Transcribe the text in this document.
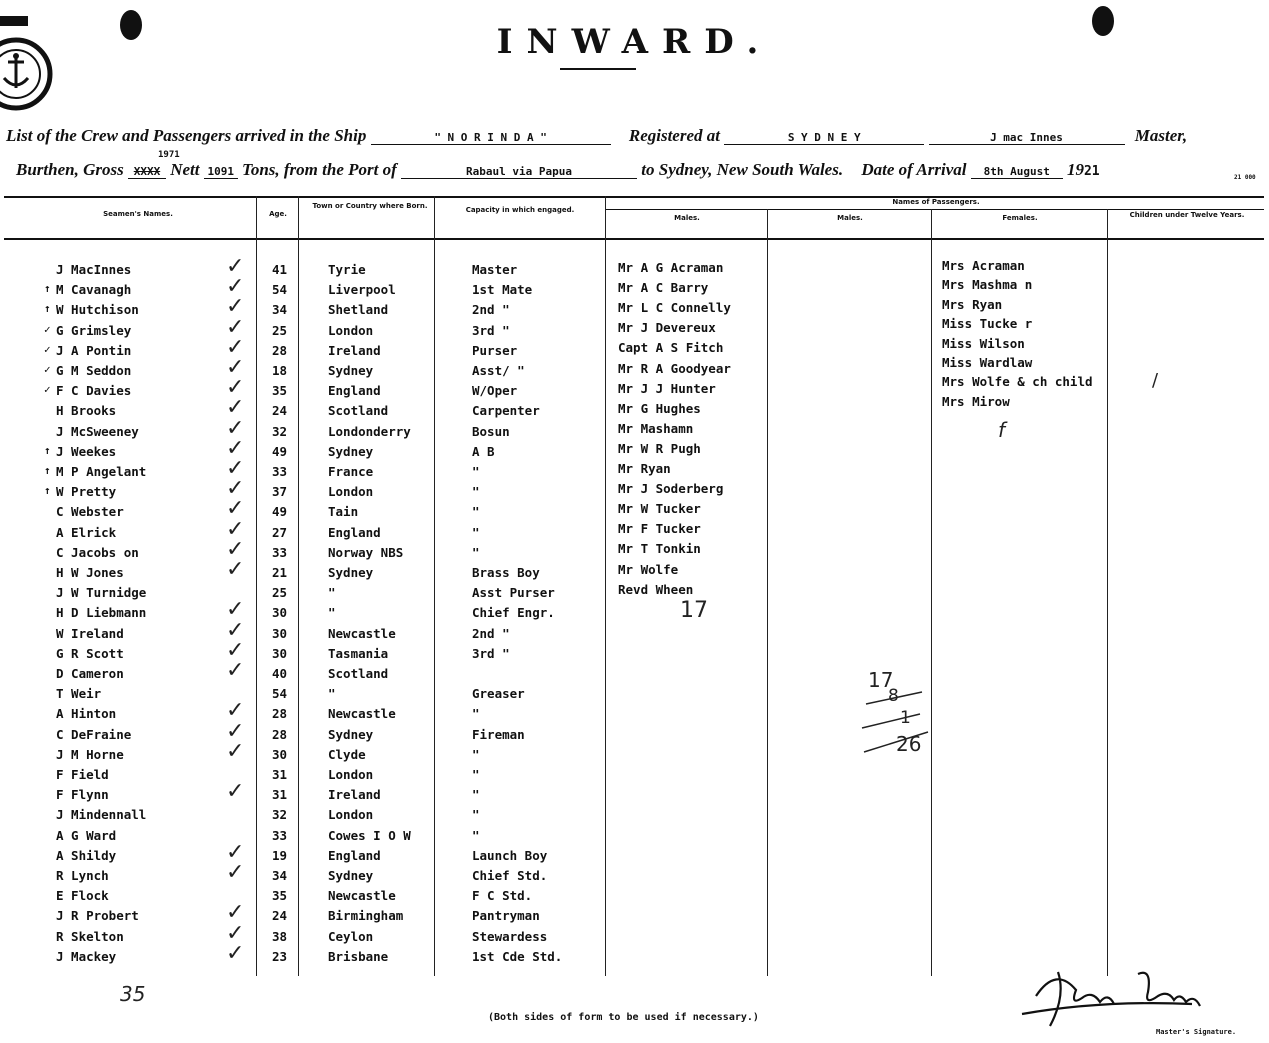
INWARD.
List of the Crew and Passengers arrived in the Ship	" N O R I N D A "	Registered at	S Y D N E Y	J mac Innes	Master,
1971
Burthen, Gross XXXX Nett 1091 Tons, from the Port of	Rabaul via Papua	to Sydney, New South Wales. Date of Arrival 8th August 1921	21 000
Seamen's Names.	Age.
Town or Country where Born.	Capacity in which engaged.
Names of Passengers.
Males.	Males.	Females.	Children under Twelve Years.
J MacInnes	✓ 41	Tyrie	Master
↑ M Cavanagh	✓ 54	Liverpool	1st Mate
↑ W Hutchison	✓ 34	Shetland	2nd "
✓ G Grimsley	✓ 25	London	3rd "
✓ J A Pontin	✓ 28	Ireland	Purser
✓ G M Seddon	✓ 18	Sydney	Asst/ "
✓ F C Davies	✓ 35	England	W/Oper
H Brooks	✓ 24	Scotland	Carpenter
J McSweeney	✓ 32	Londonderry	Bosun
↑ J Weekes	✓ 49	Sydney	A B
↑ M P Angelant	✓ 33	France	"
↑ W Pretty	✓ 37	London	"
C Webster	✓ 49	Tain	"
A Elrick	✓ 27	England	"
C Jacobs on	✓ 33	Norway NBS	"
H W Jones	✓ 21	Sydney	Brass Boy
J W Turnidge	25	"	Asst Purser
H D Liebmann	✓ 30	"	Chief Engr.
W Ireland	✓ 30	Newcastle	2nd "
G R Scott	✓ 30	Tasmania	3rd "
D Cameron	✓ 40	Scotland
T Weir	54	"	Greaser
A Hinton	✓ 28	Newcastle	"
C DeFraine	✓ 28	Sydney	Fireman
J M Horne	✓ 30	Clyde	"
F Field	31	London	"
F Flynn	✓ 31	Ireland	"
J Mindennall	32	London	"
A G Ward	33	Cowes I O W	"
A Shildy	✓ 19	England	Launch Boy
R Lynch	✓ 34	Sydney	Chief Std.
E Flock	35	Newcastle	F C Std.
J R Probert	✓ 24	Birmingham	Pantryman
R Skelton	✓ 38	Ceylon	Stewardess
J Mackey	✓ 23	Brisbane	1st Cde Std.
Mr A G Acraman
Mr A C Barry
Mr L C Connelly
Mr J Devereux
Capt A S Fitch
Mr R A Goodyear
Mr J J Hunter
Mr G Hughes
Mr Mashamn
Mr W R Pugh
Mr Ryan
Mr J Soderberg
Mr W Tucker
Mr F Tucker
Mr T Tonkin
Mr Wolfe
Revd Wheen
Mrs Acraman
Mrs Mashma n
Mrs Ryan
Miss Tucke r
Miss Wilson
Miss Wardlaw
Mrs Wolfe & ch child
Mrs Mirow
17
17
8
1
26
/
f
35
(Both sides of form to be used if necessary.)
Master's Signature.
